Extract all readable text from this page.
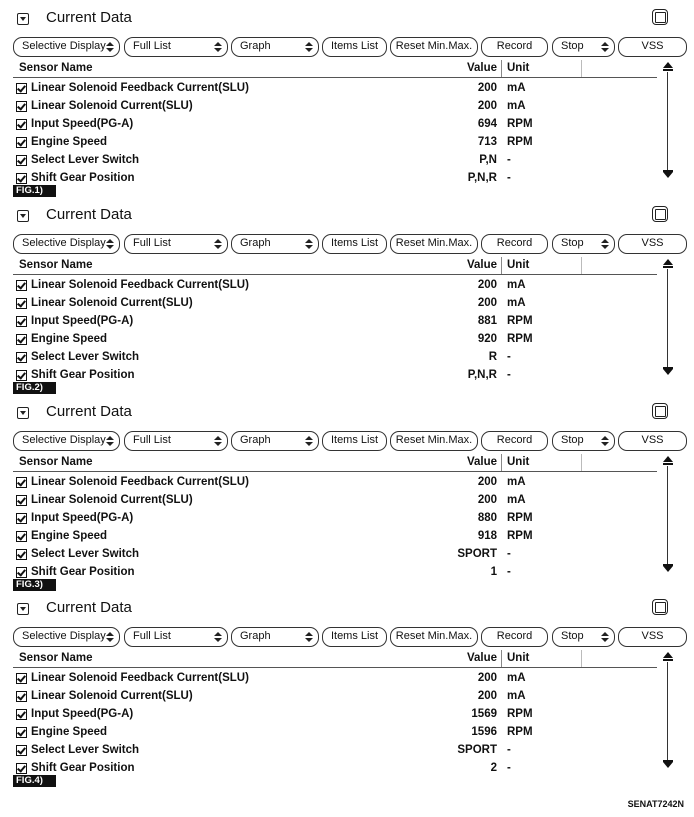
Current Data
Selective Display	Full List	Graph	Items List	Reset Min.Max.	Record	Stop	VSS
Sensor Name	Value Unit
Linear Solenoid Feedback Current(SLU)	200 mA
Linear Solenoid Current(SLU)	200 mA
Input Speed(PG-A)	694 RPM
Engine Speed	713 RPM
Select Lever Switch	P,N -
Shift Gear Position	P,N,R -
FIG.1)
Current Data
Selective Display	Full List	Graph	Items List	Reset Min.Max.	Record	Stop	VSS
Sensor Name	Value Unit
Linear Solenoid Feedback Current(SLU)	200 mA
Linear Solenoid Current(SLU)	200 mA
Input Speed(PG-A)	881 RPM
Engine Speed	920 RPM
Select Lever Switch	R -
Shift Gear Position	P,N,R -
FIG.2)
Current Data
Selective Display	Full List	Graph	Items List	Reset Min.Max.	Record	Stop	VSS
Sensor Name	Value Unit
Linear Solenoid Feedback Current(SLU)	200 mA
Linear Solenoid Current(SLU)	200 mA
Input Speed(PG-A)	880 RPM
Engine Speed	918 RPM
Select Lever Switch	SPORT -
Shift Gear Position	1 -
FIG.3)
Current Data
Selective Display	Full List	Graph	Items List	Reset Min.Max.	Record	Stop	VSS
Sensor Name	Value Unit
Linear Solenoid Feedback Current(SLU)	200 mA
Linear Solenoid Current(SLU)	200 mA
Input Speed(PG-A)	1569 RPM
Engine Speed	1596 RPM
Select Lever Switch	SPORT -
Shift Gear Position	2 -
FIG.4)
SENAT7242N
